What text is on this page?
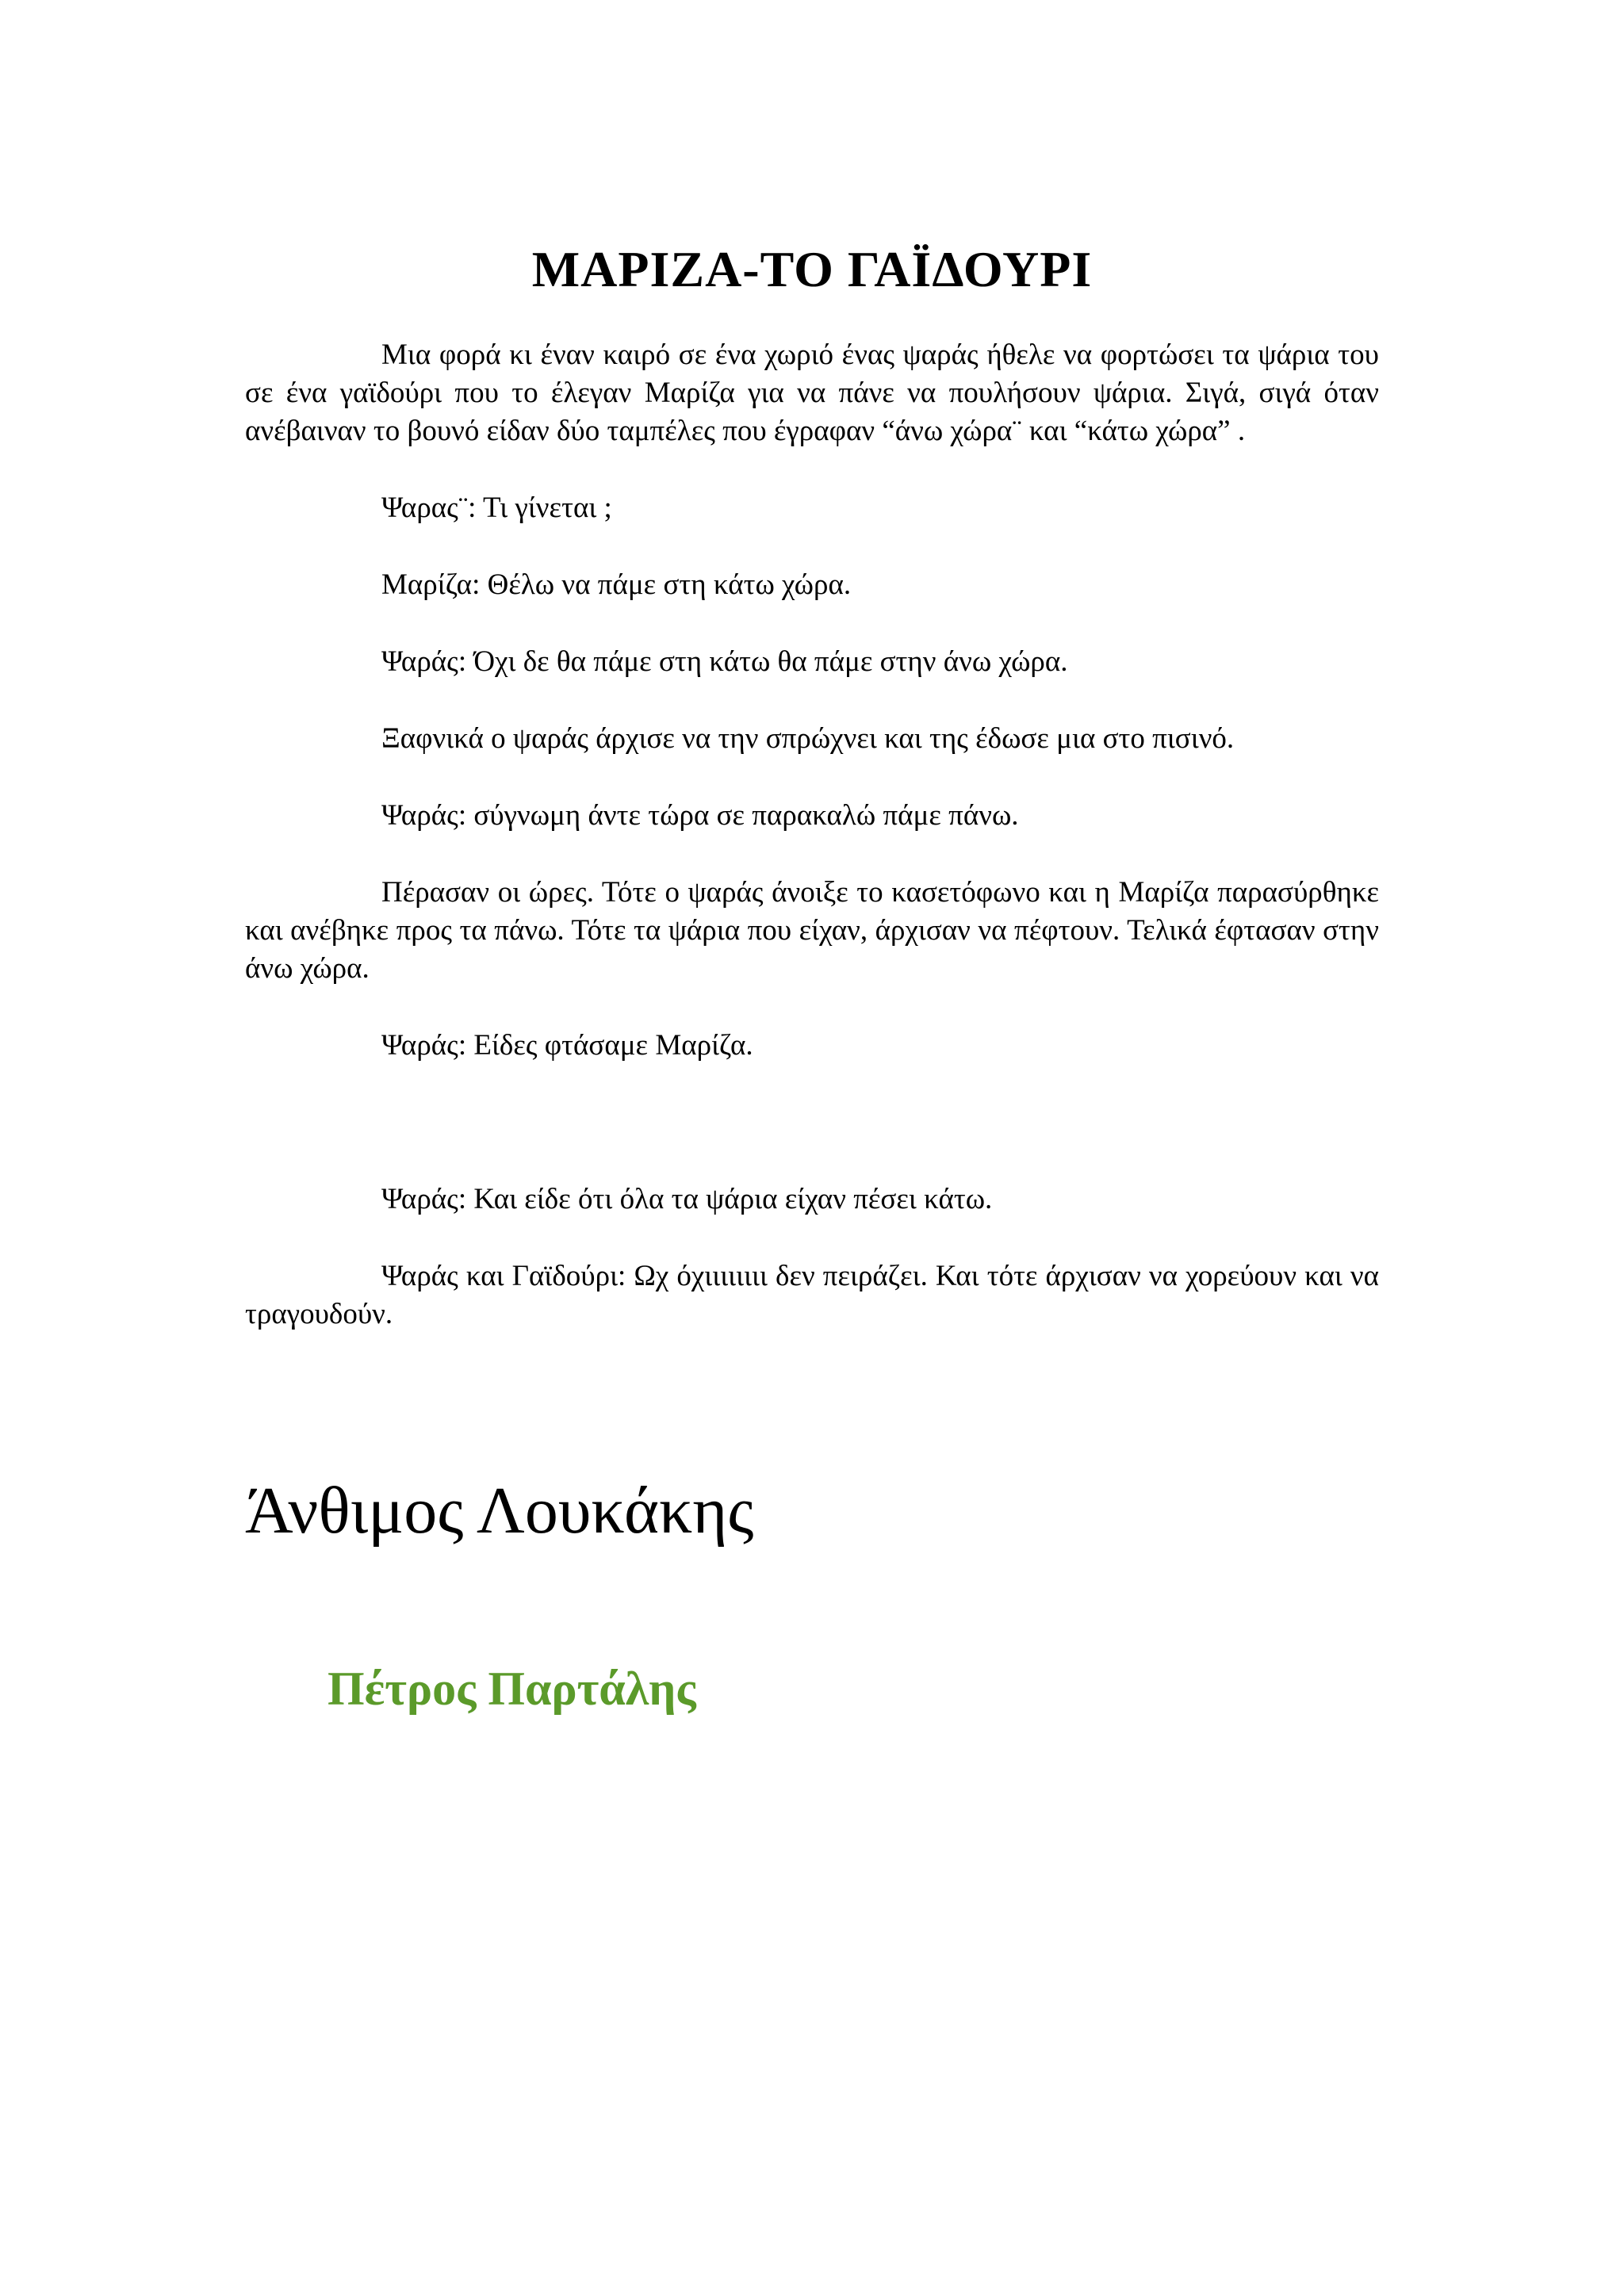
ΜΑΡΙΖΑ-ΤΟ ΓΑΪΔΟΥΡΙ

Μια φορά κι έναν καιρό σε ένα χωριό ένας ψαράς ήθελε να φορτώσει τα ψάρια του σε ένα γαϊδούρι που το έλεγαν Μαρίζα για να πάνε να πουλήσουν ψάρια. Σιγά, σιγά όταν ανέβαιναν το βουνό είδαν δύο ταμπέλες που έγραφαν “άνω χώρα¨ και “κάτω χώρα” .

Ψαρας¨: Τι γίνεται ;

Μαρίζα: Θέλω να πάμε στη κάτω χώρα.

Ψαράς: Όχι δε θα πάμε στη κάτω θα πάμε στην άνω χώρα.

Ξαφνικά ο ψαράς άρχισε να την σπρώχνει και της έδωσε μια στο πισινό.

Ψαράς: σύγνωμη άντε τώρα σε παρακαλώ πάμε πάνω.

Πέρασαν οι ώρες. Τότε ο ψαράς άνοιξε το κασετόφωνο και η Μαρίζα παρασύρθηκε και ανέβηκε προς τα πάνω. Τότε τα ψάρια που είχαν, άρχισαν να πέφτουν. Τελικά έφτασαν στην άνω χώρα.

Ψαράς: Είδες φτάσαμε Μαρίζα.

Ψαράς: Και είδε ότι όλα τα ψάρια είχαν πέσει κάτω.

Ψαράς και Γαϊδούρι: Ωχ όχιιιιιιιι δεν πειράζει. Και τότε άρχισαν να χορεύουν και να τραγουδούν.

Άνθιμος Λουκάκης

Πέτρος Παρτάλης
